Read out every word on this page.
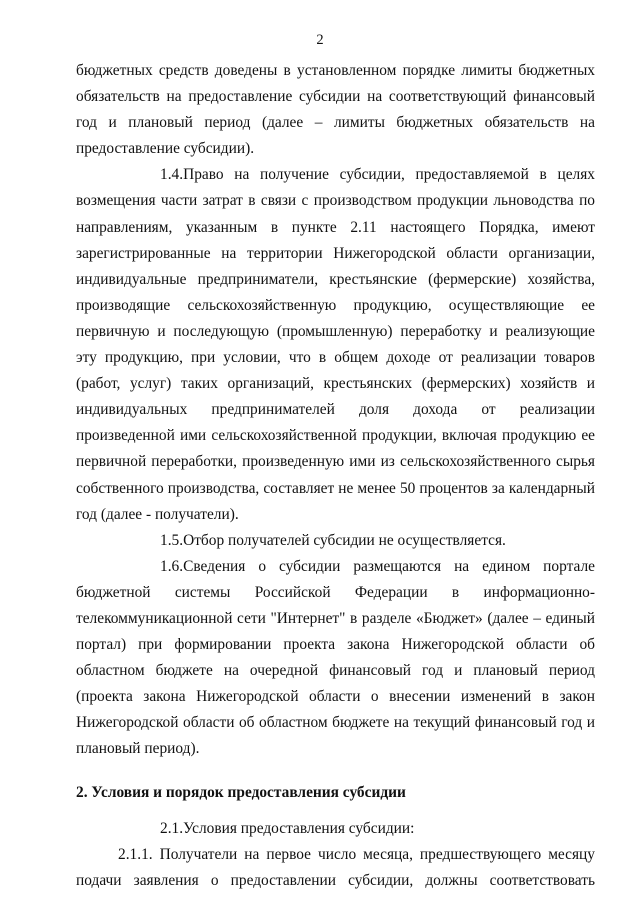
2

бюджетных средств доведены в установленном порядке лимиты бюджетных обязательств на предоставление субсидии на соответствующий финансовый год и плановый период (далее – лимиты бюджетных обязательств на предоставление субсидии).

1.4.Право на получение субсидии, предоставляемой в целях возмещения части затрат в связи с производством продукции льноводства по направлениям, указанным в пункте 2.11 настоящего Порядка, имеют зарегистрированные на территории Нижегородской области организации, индивидуальные предприниматели, крестьянские (фермерские) хозяйства, производящие сельскохозяйственную продукцию, осуществляющие ее первичную и последующую (промышленную) переработку и реализующие эту продукцию, при условии, что в общем доходе от реализации товаров (работ, услуг) таких организаций, крестьянских (фермерских) хозяйств и индивидуальных предпринимателей доля дохода от реализации произведенной ими сельскохозяйственной продукции, включая продукцию ее первичной переработки, произведенную ими из сельскохозяйственного сырья собственного производства, составляет не менее 50 процентов за календарный год (далее - получатели).

1.5.Отбор получателей субсидии не осуществляется.

1.6.Сведения о субсидии размещаются на едином портале бюджетной системы Российской Федерации в информационно-телекоммуникационной сети "Интернет" в разделе «Бюджет» (далее – единый портал) при формировании проекта закона Нижегородской области об областном бюджете на очередной финансовый год и плановый период (проекта закона Нижегородской области о внесении изменений в закон Нижегородской области об областном бюджете на текущий финансовый год и плановый период).

2. Условия и порядок предоставления субсидии

2.1.Условия предоставления субсидии:

2.1.1. Получатели на первое число месяца, предшествующего месяцу подачи заявления о предоставлении субсидии, должны соответствовать
